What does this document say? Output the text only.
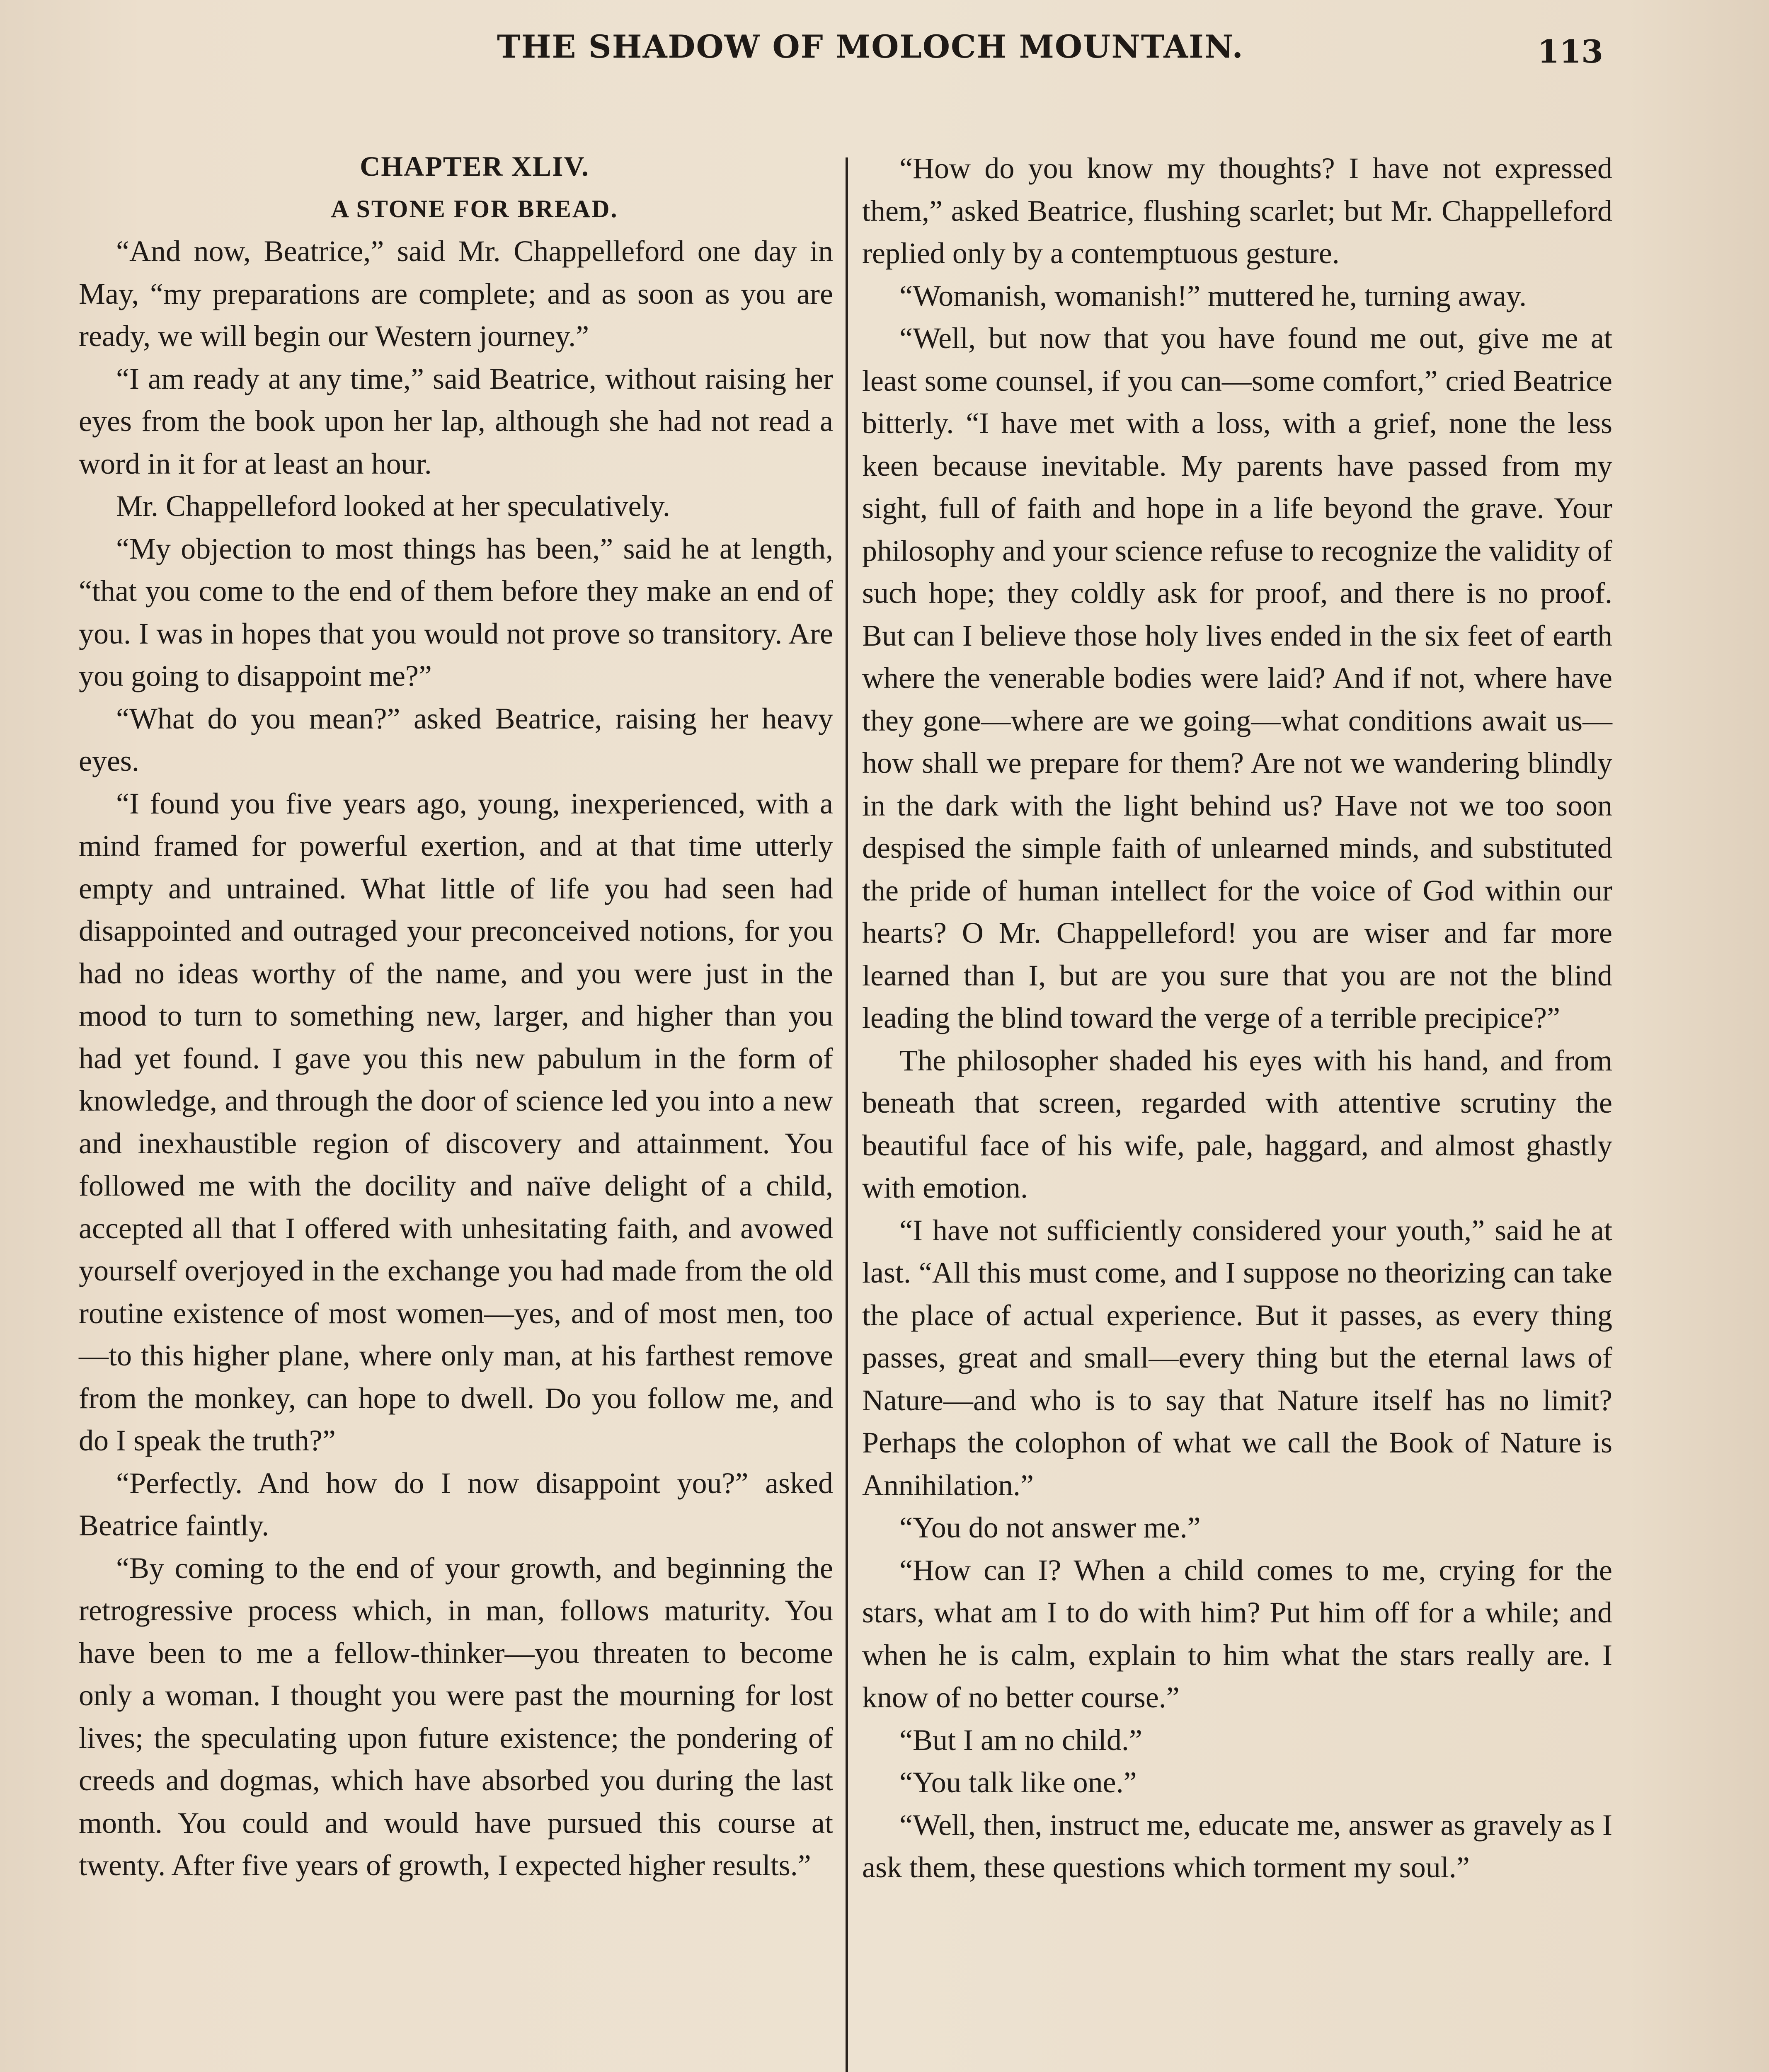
THE SHADOW OF MOLOCH MOUNTAIN.	113

CHAPTER XLIV.

A STONE FOR BREAD.

“And now, Beatrice,” said Mr. Chappelleford one day in May, “my preparations are complete; and as soon as you are ready, we will begin our Western journey.”

“I am ready at any time,” said Beatrice, without raising her eyes from the book upon her lap, although she had not read a word in it for at least an hour.

Mr. Chappelleford looked at her speculatively.

“My objection to most things has been,” said he at length, “that you come to the end of them before they make an end of you. I was in hopes that you would not prove so transitory. Are you going to disappoint me?”

“What do you mean?” asked Beatrice, raising her heavy eyes.

“I found you five years ago, young, inexperienced, with a mind framed for powerful exertion, and at that time utterly empty and untrained. What little of life you had seen had disappointed and outraged your preconceived notions, for you had no ideas worthy of the name, and you were just in the mood to turn to something new, larger, and higher than you had yet found. I gave you this new pabulum in the form of knowledge, and through the door of science led you into a new and inexhaustible region of discovery and attainment. You followed me with the docility and naïve delight of a child, accepted all that I offered with unhesitating faith, and avowed yourself overjoyed in the exchange you had made from the old routine existence of most women—yes, and of most men, too—to this higher plane, where only man, at his farthest remove from the monkey, can hope to dwell. Do you follow me, and do I speak the truth?”

“Perfectly. And how do I now disappoint you?” asked Beatrice faintly.

“By coming to the end of your growth, and beginning the retrogressive process which, in man, follows maturity. You have been to me a fellow-thinker—you threaten to become only a woman. I thought you were past the mourning for lost lives; the speculating upon future existence; the pondering of creeds and dogmas, which have absorbed you during the last month. You could and would have pursued this course at twenty. After five years of growth, I expected higher results.”

“How do you know my thoughts? I have not expressed them,” asked Beatrice, flushing scarlet; but Mr. Chappelleford replied only by a contemptuous gesture.

“Womanish, womanish!” muttered he, turning away.

“Well, but now that you have found me out, give me at least some counsel, if you can—some comfort,” cried Beatrice bitterly. “I have met with a loss, with a grief, none the less keen because inevitable. My parents have passed from my sight, full of faith and hope in a life beyond the grave. Your philosophy and your science refuse to recognize the validity of such hope; they coldly ask for proof, and there is no proof. But can I believe those holy lives ended in the six feet of earth where the venerable bodies were laid? And if not, where have they gone—where are we going—what conditions await us—how shall we prepare for them? Are not we wandering blindly in the dark with the light behind us? Have not we too soon despised the simple faith of unlearned minds, and substituted the pride of human intellect for the voice of God within our hearts? O Mr. Chappelleford! you are wiser and far more learned than I, but are you sure that you are not the blind leading the blind toward the verge of a terrible precipice?”

The philosopher shaded his eyes with his hand, and from beneath that screen, regarded with attentive scrutiny the beautiful face of his wife, pale, haggard, and almost ghastly with emotion.

“I have not sufficiently considered your youth,” said he at last. “All this must come, and I suppose no theorizing can take the place of actual experience. But it passes, as every thing passes, great and small—every thing but the eternal laws of Nature—and who is to say that Nature itself has no limit? Perhaps the colophon of what we call the Book of Nature is Annihilation.”

“You do not answer me.”

“How can I? When a child comes to me, crying for the stars, what am I to do with him? Put him off for a while; and when he is calm, explain to him what the stars really are. I know of no better course.”

“But I am no child.”

“You talk like one.”

“Well, then, instruct me, educate me, answer as gravely as I ask them, these questions which torment my soul.”
